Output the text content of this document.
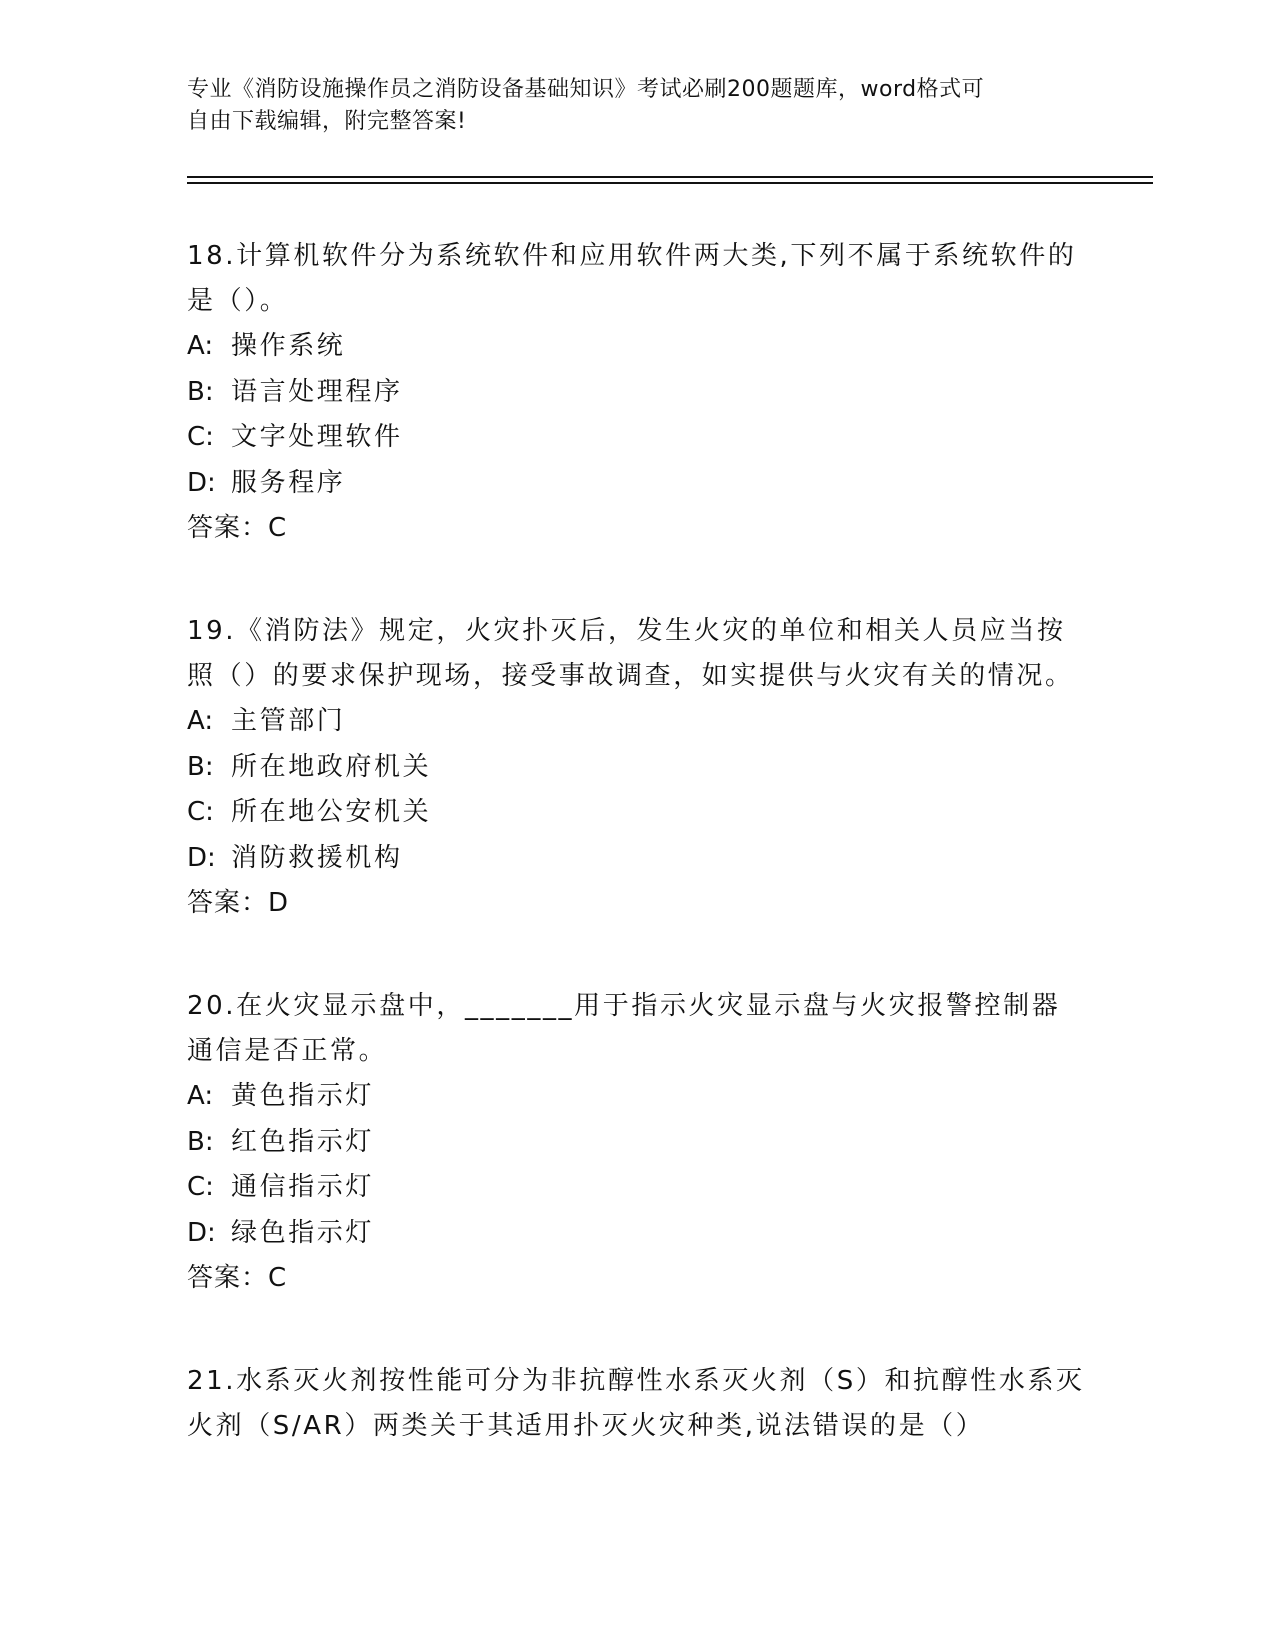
专业《消防设施操作员之消防设备基础知识》考试必刷200题题库，word格式可
自由下载编辑，附完整答案!

18.计算机软件分为系统软件和应用软件两大类,下列不属于系统软件的是（）。

A: 操作系统

B: 语言处理程序

C: 文字处理软件

D: 服务程序

答案：C

19.《消防法》规定，火灾扑灭后，发生火灾的单位和相关人员应当按照（）的要求保护现场，接受事故调查，如实提供与火灾有关的情况。

A: 主管部门

B: 所在地政府机关

C: 所在地公安机关

D: 消防救援机构

答案：D

20.在火灾显示盘中，_______用于指示火灾显示盘与火灾报警控制器通信是否正常。

A: 黄色指示灯

B: 红色指示灯

C: 通信指示灯

D: 绿色指示灯

答案：C

21.水系灭火剂按性能可分为非抗醇性水系灭火剂（S）和抗醇性水系灭火剂（S/AR）两类关于其适用扑灭火灾种类,说法错误的是（）
